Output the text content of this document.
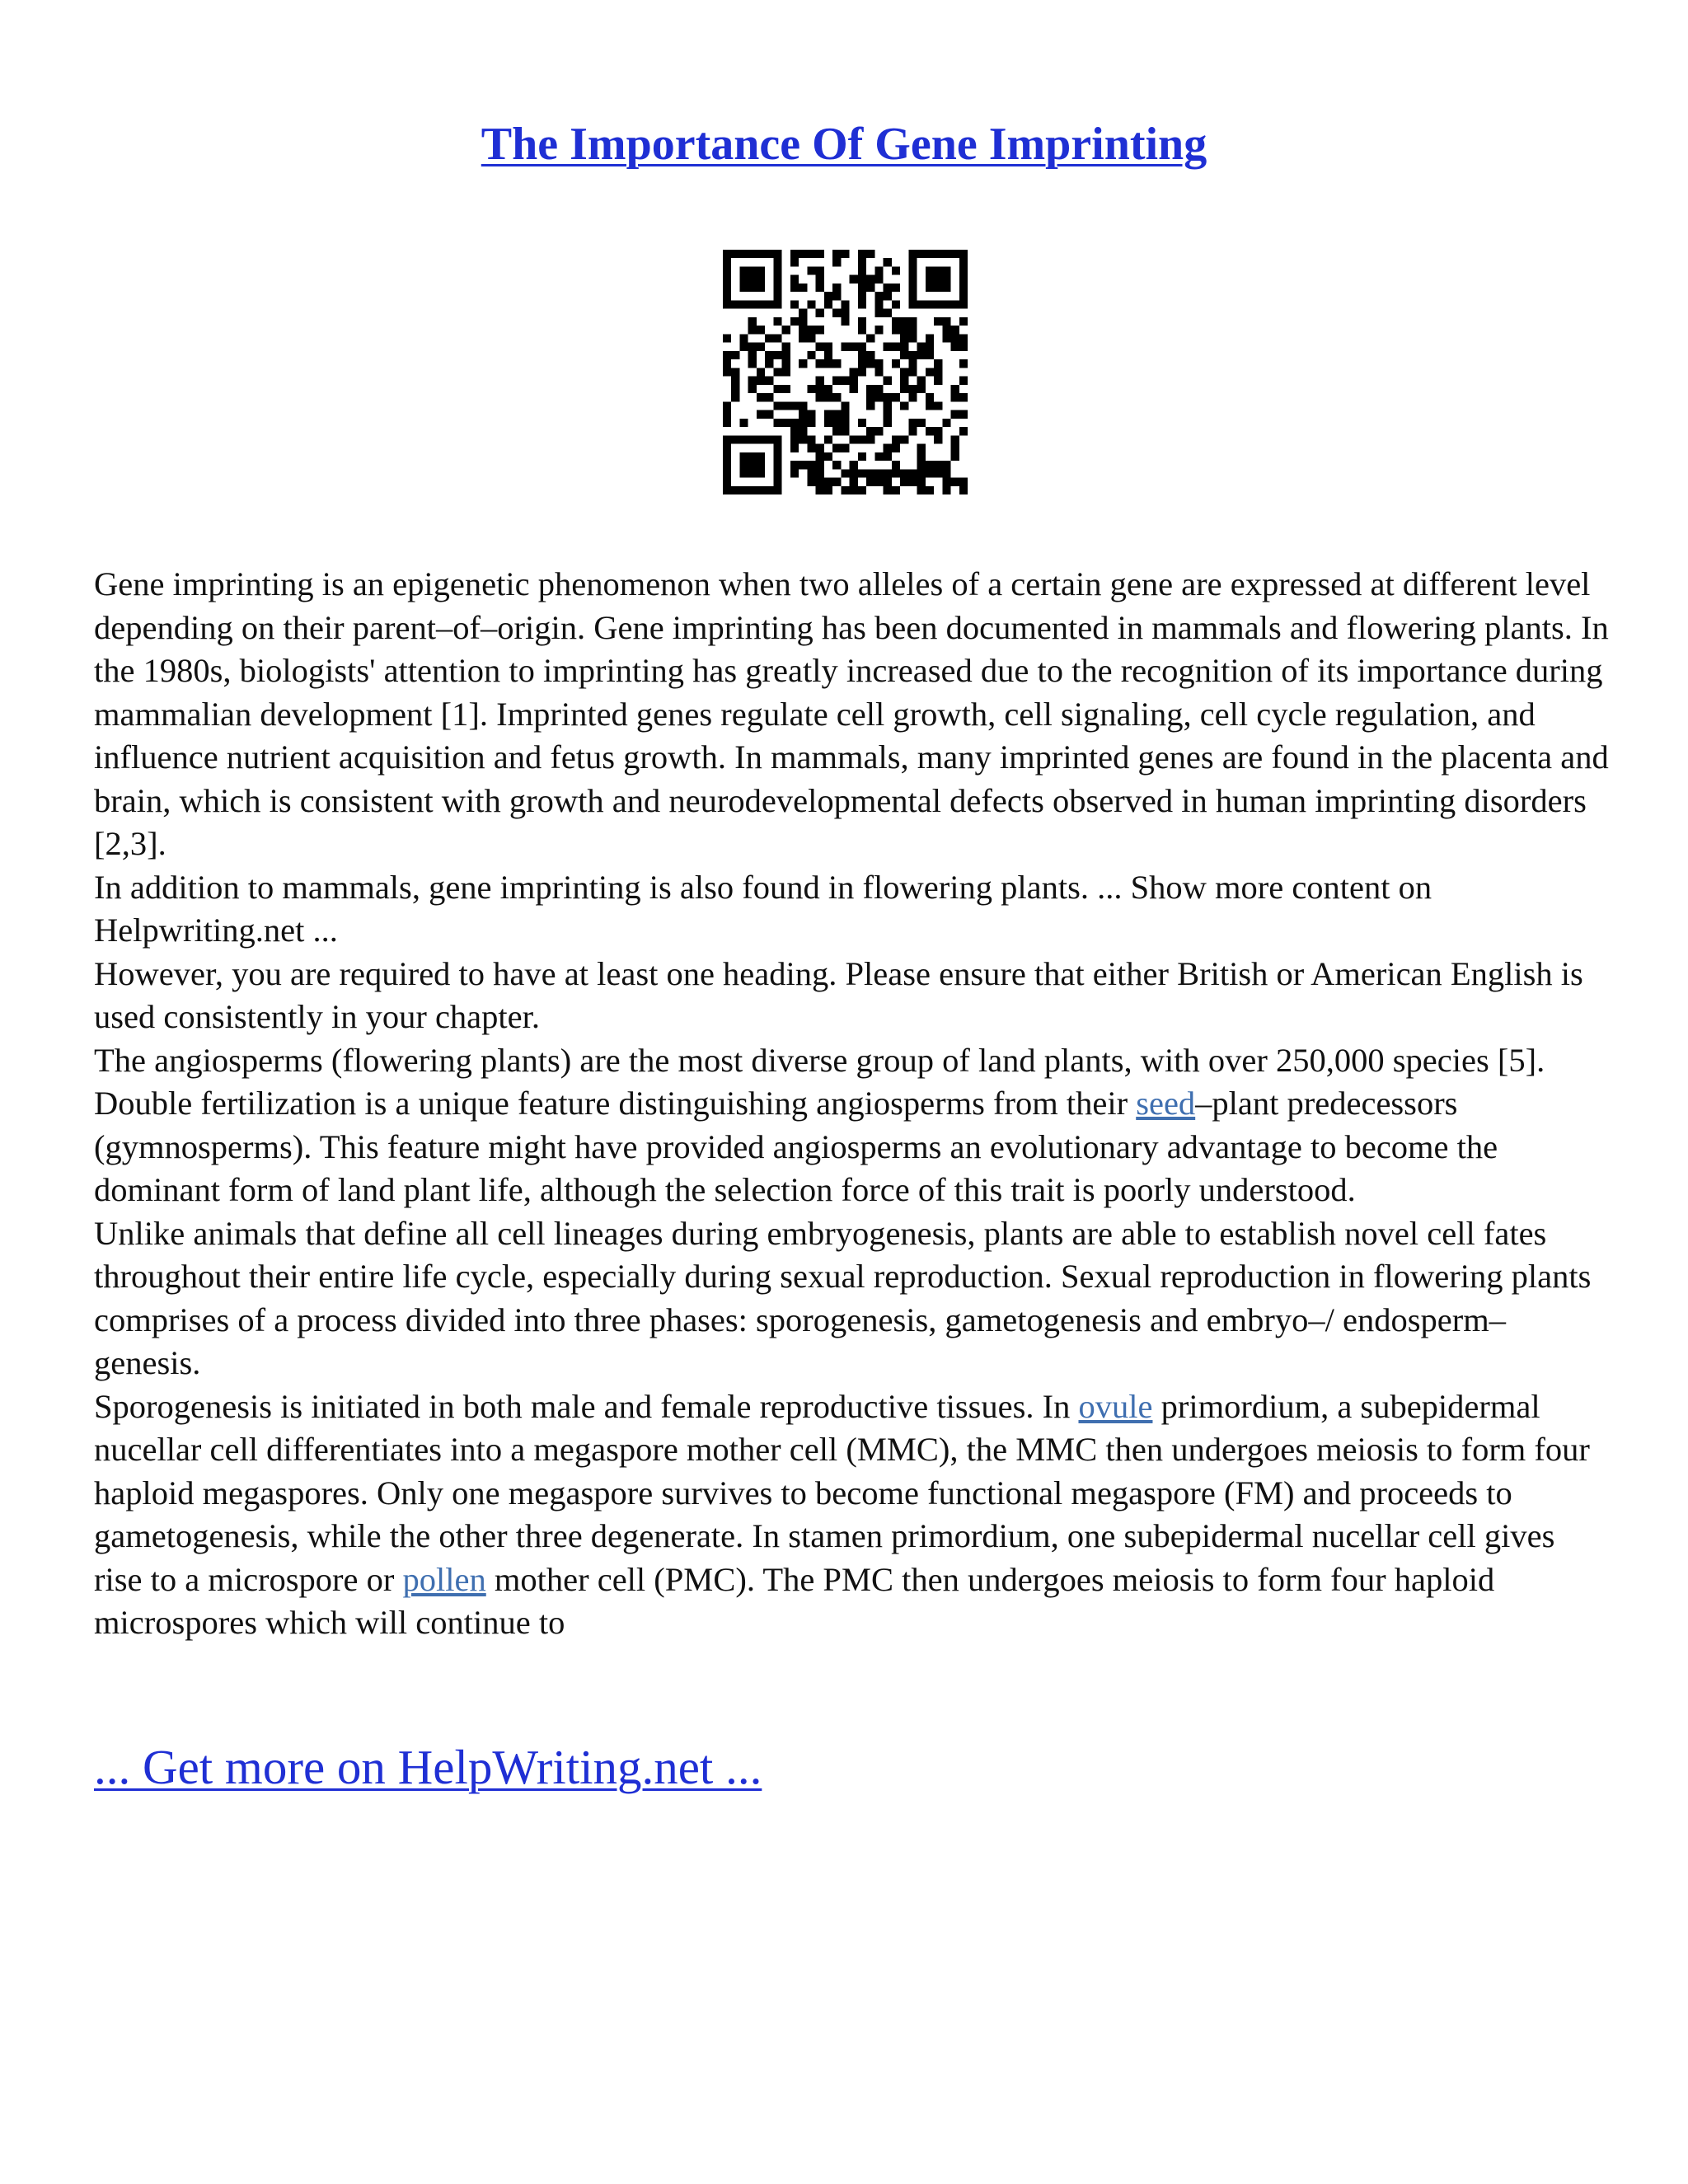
The Importance Of Gene Imprinting

Gene imprinting is an epigenetic phenomenon when two alleles of a certain gene are expressed at different level depending on their parent–of–origin. Gene imprinting has been documented in mammals and flowering plants. In the 1980s, biologists' attention to imprinting has greatly increased due to the recognition of its importance during mammalian development [1]. Imprinted genes regulate cell growth, cell signaling, cell cycle regulation, and influence nutrient acquisition and fetus growth. In mammals, many imprinted genes are found in the placenta and brain, which is consistent with growth and neurodevelopmental defects observed in human imprinting disorders [2,3].

In addition to mammals, gene imprinting is also found in flowering plants. ... Show more content on Helpwriting.net ...

However, you are required to have at least one heading. Please ensure that either British or American English is used consistently in your chapter.

The angiosperms (flowering plants) are the most diverse group of land plants, with over 250,000 species [5]. Double fertilization is a unique feature distinguishing angiosperms from their seed–plant predecessors (gymnosperms). This feature might have provided angiosperms an evolutionary advantage to become the dominant form of land plant life, although the selection force of this trait is poorly understood.

Unlike animals that define all cell lineages during embryogenesis, plants are able to establish novel cell fates throughout their entire life cycle, especially during sexual reproduction. Sexual reproduction in flowering plants comprises of a process divided into three phases: sporogenesis, gametogenesis and embryo–/ endosperm–genesis.

Sporogenesis is initiated in both male and female reproductive tissues. In ovule primordium, a subepidermal nucellar cell differentiates into a megaspore mother cell (MMC), the MMC then undergoes meiosis to form four haploid megaspores. Only one megaspore survives to become functional megaspore (FM) and proceeds to gametogenesis, while the other three degenerate. In stamen primordium, one subepidermal nucellar cell gives rise to a microspore or pollen mother cell (PMC). The PMC then undergoes meiosis to form four haploid microspores which will continue to

... Get more on HelpWriting.net ...
